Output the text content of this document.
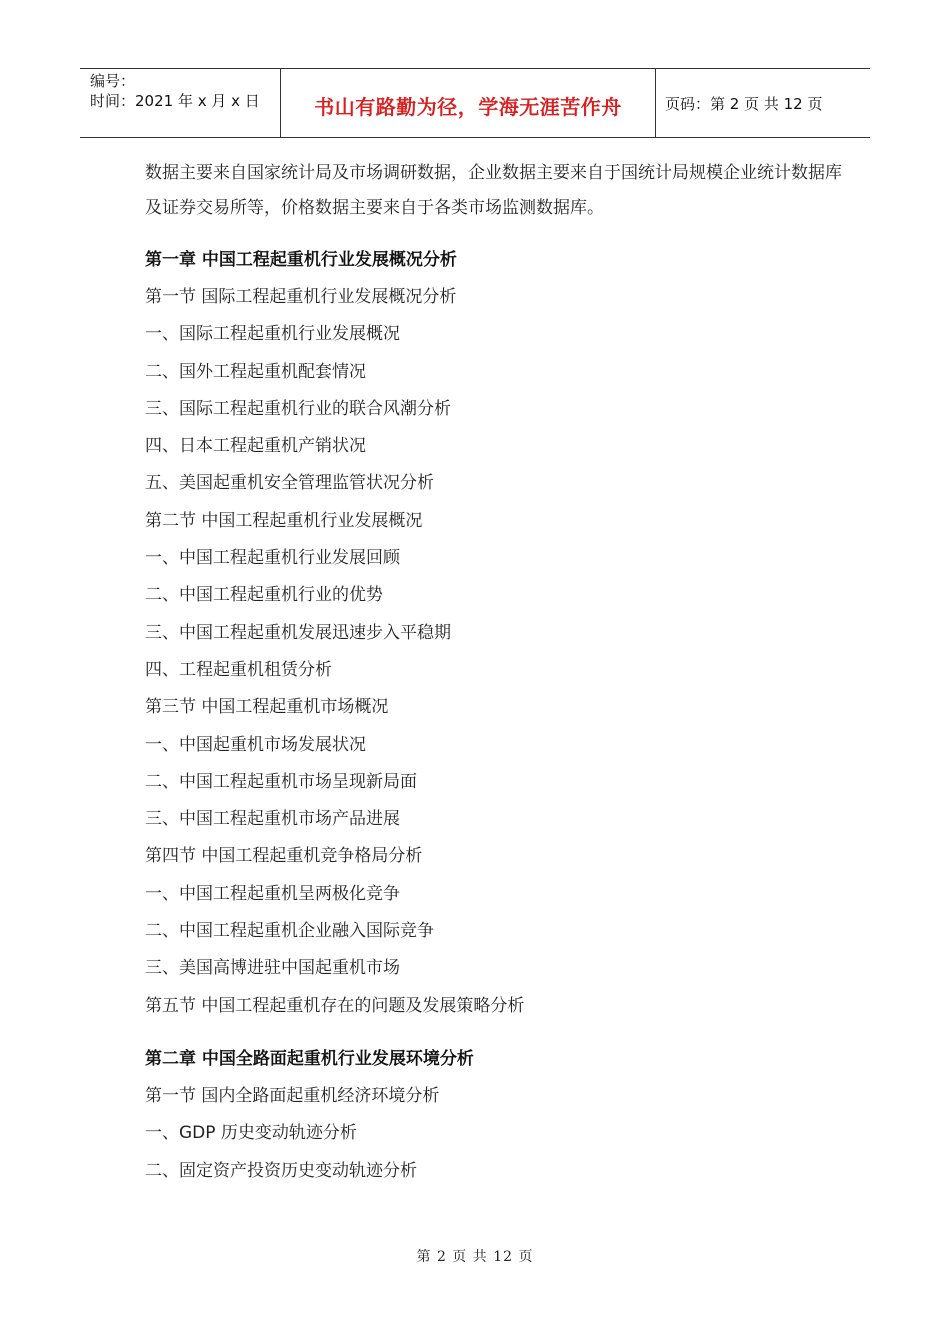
编号：
时间：2021 年 x 月 x 日	书山有路勤为径，学海无涯苦作舟	页码：第 2 页 共 12 页

数据主要来自国家统计局及市场调研数据，企业数据主要来自于国统计局规模企业统计数据库及证券交易所等，价格数据主要来自于各类市场监测数据库。

第一章 中国工程起重机行业发展概况分析
第一节 国际工程起重机行业发展概况分析
一、国际工程起重机行业发展概况
二、国外工程起重机配套情况
三、国际工程起重机行业的联合风潮分析
四、日本工程起重机产销状况
五、美国起重机安全管理监管状况分析
第二节 中国工程起重机行业发展概况
一、中国工程起重机行业发展回顾
二、中国工程起重机行业的优势
三、中国工程起重机发展迅速步入平稳期
四、工程起重机租赁分析
第三节 中国工程起重机市场概况
一、中国起重机市场发展状况
二、中国工程起重机市场呈现新局面
三、中国工程起重机市场产品进展
第四节 中国工程起重机竞争格局分析
一、中国工程起重机呈两极化竞争
二、中国工程起重机企业融入国际竞争
三、美国高博进驻中国起重机市场
第五节 中国工程起重机存在的问题及发展策略分析
第二章 中国全路面起重机行业发展环境分析
第一节 国内全路面起重机经济环境分析
一、GDP 历史变动轨迹分析
二、固定资产投资历史变动轨迹分析
第 2 页 共 12 页
